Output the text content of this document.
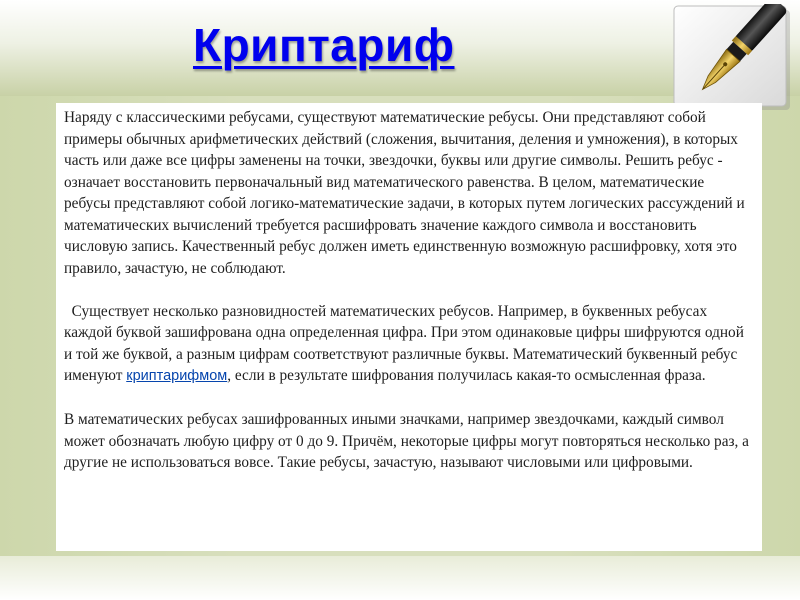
Криптариф

Наряду с классическими ребусами, существуют математические ребусы. Они представляют собой примеры обычных арифметических действий (сложения, вычитания, деления и умножения), в которых часть или даже все цифры заменены на точки, звездочки, буквы или другие символы. Решить ребус - означает восстановить первоначальный вид математического равенства. В целом, математические ребусы представляют собой логико-математические задачи, в которых путем логических рассуждений и математических вычислений требуется расшифровать значение каждого символа и восстановить числовую запись. Качественный ребус должен иметь единственную возможную расшифровку, хотя это правило, зачастую, не соблюдают.

Существует несколько разновидностей математических ребусов. Например, в буквенных ребусах каждой буквой зашифрована одна определенная цифра. При этом одинаковые цифры шифруются одной и той же буквой, а разным цифрам соответствуют различные буквы. Математический буквенный ребус именуют криптарифмом, если в результате шифрования получилась какая-то осмысленная фраза.

В математических ребусах зашифрованных иными значками, например звездочками, каждый символ может обозначать любую цифру от 0 до 9. Причём, некоторые цифры могут повторяться несколько раз, а другие не использоваться вовсе. Такие ребусы, зачастую, называют числовыми или цифровыми.
